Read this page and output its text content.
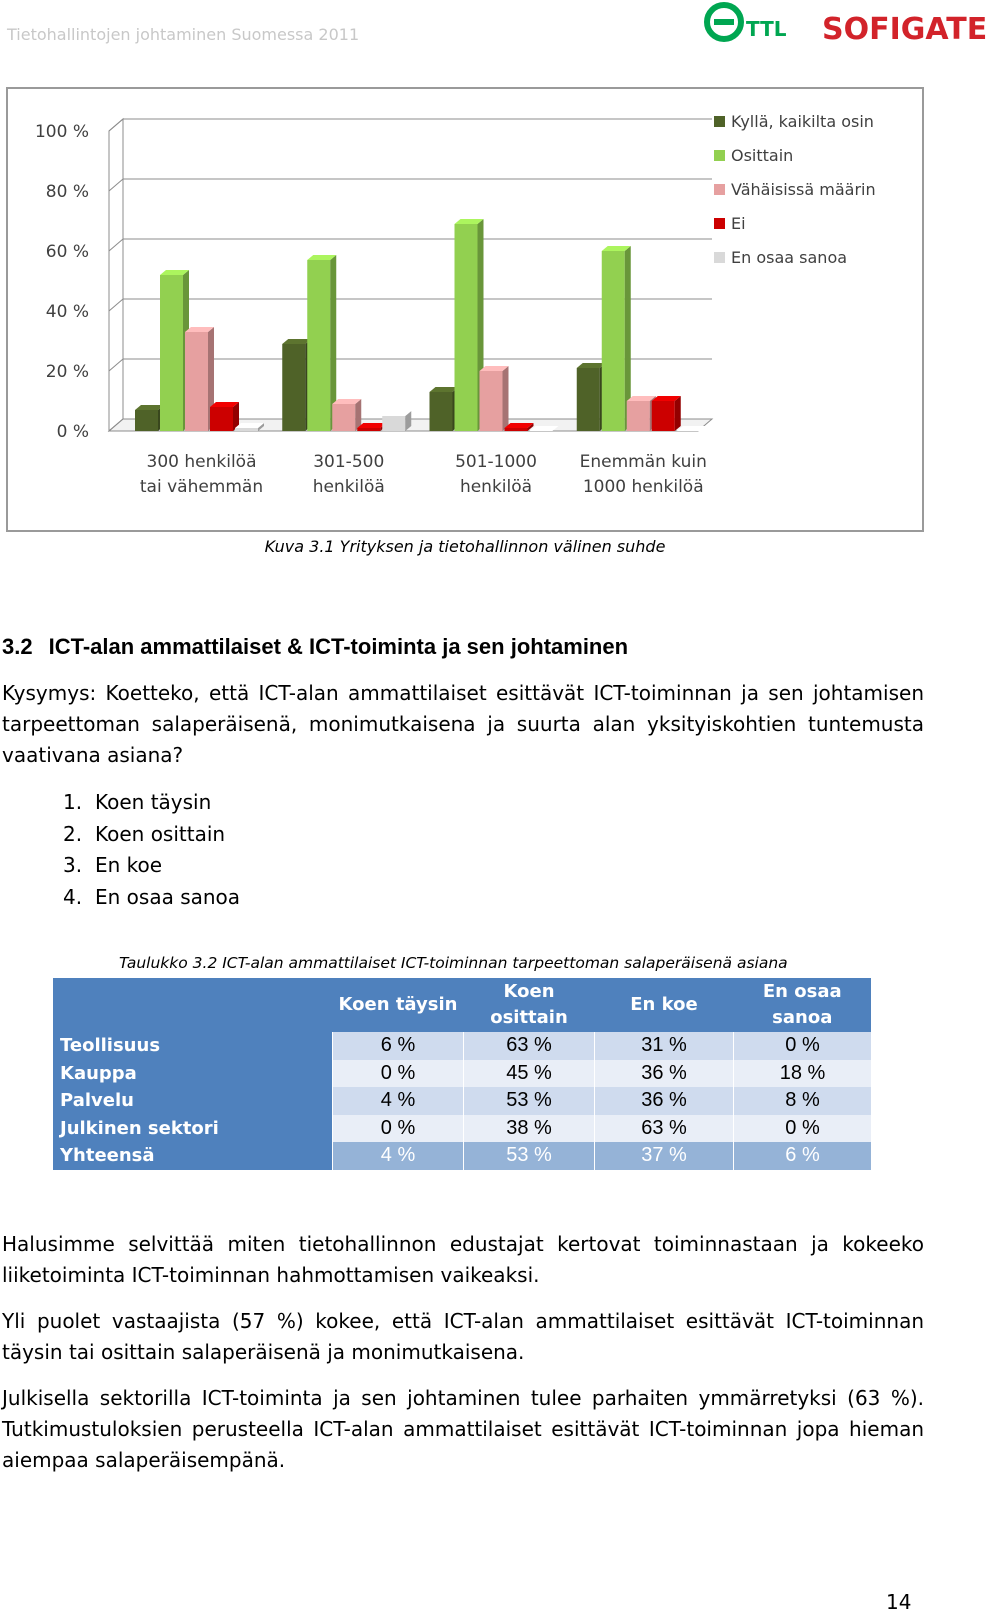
Tietohallintojen johtaminen Suomessa 2011	TTL SOFIGATE
0 %
20 %
40 %
60 %
80 %
100 %
300 henkilöä
tai vähemmän
301-500
henkilöä
501-1000
henkilöä
Enemmän kuin
1000 henkilöä
Kyllä, kaikilta osin
Osittain
Vähäisissä määrin
Ei
En osaa sanoa
Kuva 3.1 Yrityksen ja tietohallinnon välinen suhde
3.2 ICT-alan ammattilaiset & ICT-toiminta ja sen johtaminen
Kysymys: Koetteko, että ICT-alan ammattilaiset esittävät ICT-toiminnan ja sen johtamisen tarpeettoman salaperäisenä, monimutkaisena ja suurta alan yksityiskohtien tuntemusta vaativana asiana?
1. Koen täysin
2. Koen osittain
3. En koe
4. En osaa sanoa
Taulukko 3.2 ICT-alan ammattilaiset ICT-toiminnan tarpeettoman salaperäisenä asiana
	Koen täysin	Koen osittain	En koe	En osaa sanoa
Teollisuus	6 %	63 %	31 %	0 %
Kauppa	0 %	45 %	36 %	18 %
Palvelu	4 %	53 %	36 %	8 %
Julkinen sektori	0 %	38 %	63 %	0 %
Yhteensä	4 %	53 %	37 %	6 %
Halusimme selvittää miten tietohallinnon edustajat kertovat toiminnastaan ja kokeeko liiketoiminta ICT-toiminnan hahmottamisen vaikeaksi.
Yli puolet vastaajista (57 %) kokee, että ICT-alan ammattilaiset esittävät ICT-toiminnan täysin tai osittain salaperäisenä ja monimutkaisena.
Julkisella sektorilla ICT-toiminta ja sen johtaminen tulee parhaiten ymmärretyksi (63 %). Tutkimustuloksien perusteella ICT-alan ammattilaiset esittävät ICT-toiminnan jopa hieman aiempaa salaperäisempänä.
14
